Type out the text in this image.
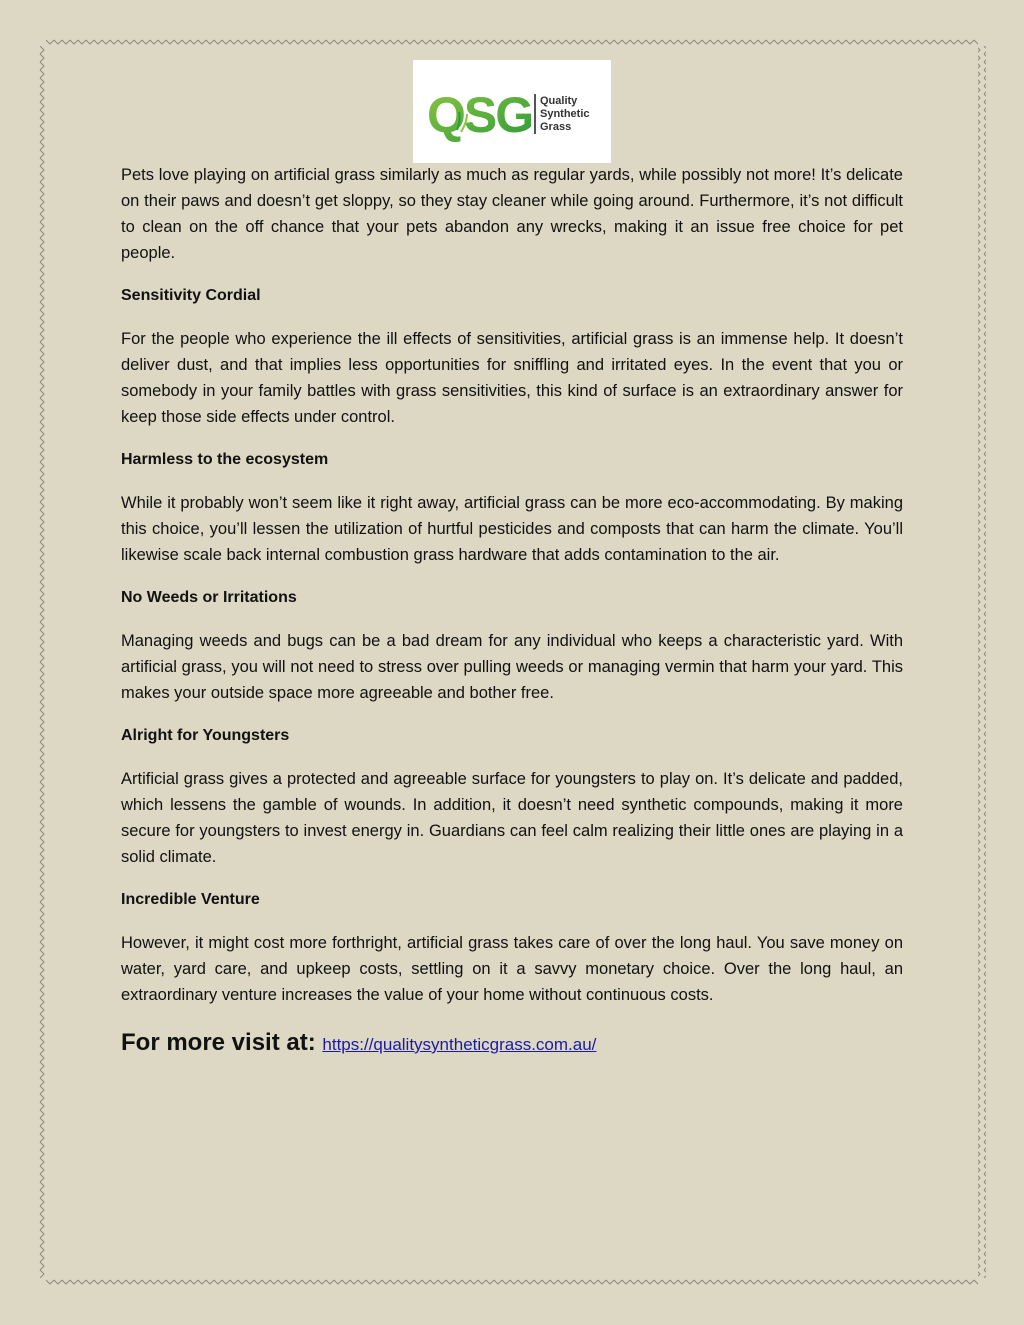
QSG Quality
Synthetic
Grass

Pets love playing on artificial grass similarly as much as regular yards, while possibly not more! It’s delicate on their paws and doesn’t get sloppy, so they stay cleaner while going around. Furthermore, it’s not difficult to clean on the off chance that your pets abandon any wrecks, making it an issue free choice for pet people.

Sensitivity Cordial

For the people who experience the ill effects of sensitivities, artificial grass is an immense help. It doesn’t deliver dust, and that implies less opportunities for sniffling and irritated eyes. In the event that you or somebody in your family battles with grass sensitivities, this kind of surface is an extraordinary answer for keep those side effects under control.

Harmless to the ecosystem

While it probably won’t seem like it right away, artificial grass can be more eco-accommodating. By making this choice, you’ll lessen the utilization of hurtful pesticides and composts that can harm the climate. You’ll likewise scale back internal combustion grass hardware that adds contamination to the air.

No Weeds or Irritations

Managing weeds and bugs can be a bad dream for any individual who keeps a characteristic yard. With artificial grass, you will not need to stress over pulling weeds or managing vermin that harm your yard. This makes your outside space more agreeable and bother free.

Alright for Youngsters

Artificial grass gives a protected and agreeable surface for youngsters to play on. It’s delicate and padded, which lessens the gamble of wounds. In addition, it doesn’t need synthetic compounds, making it more secure for youngsters to invest energy in. Guardians can feel calm realizing their little ones are playing in a solid climate.

Incredible Venture

However, it might cost more forthright, artificial grass takes care of over the long haul. You save money on water, yard care, and upkeep costs, settling on it a savvy monetary choice. Over the long haul, an extraordinary venture increases the value of your home without continuous costs.

For more visit at: https://qualitysyntheticgrass.com.au/
